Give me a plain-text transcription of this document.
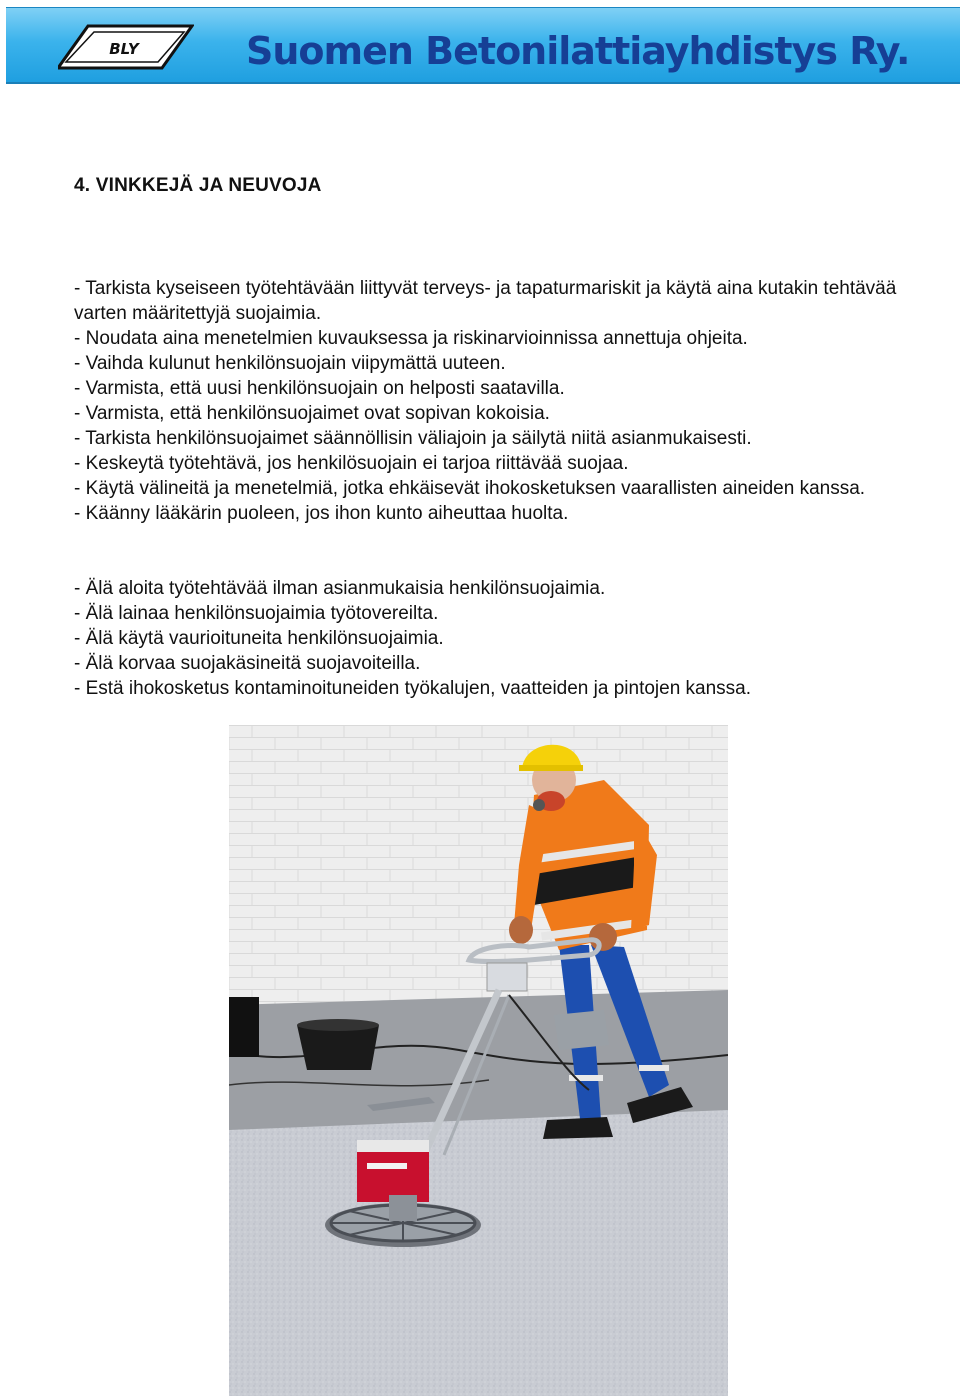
BLY	Suomen Betonilattiayhdistys Ry.
4. VINKKEJÄ JA NEUVOJA
- Tarkista kyseiseen työtehtävään liittyvät terveys- ja tapaturmariskit ja käytä aina kutakin tehtävää varten määritettyjä suojaimia.
- Noudata aina menetelmien kuvauksessa ja riskinarvioinnissa annettuja ohjeita.
- Vaihda kulunut henkilönsuojain viipymättä uuteen.
- Varmista, että uusi henkilönsuojain on helposti saatavilla.
- Varmista, että henkilönsuojaimet ovat sopivan kokoisia.
- Tarkista henkilönsuojaimet säännöllisin väliajoin ja säilytä niitä asianmukaisesti.
- Keskeytä työtehtävä, jos henkilösuojain ei tarjoa riittävää suojaa.
- Käytä välineitä ja menetelmiä, jotka ehkäisevät ihokosketuksen vaarallisten aineiden kanssa.
- Käänny lääkärin puoleen, jos ihon kunto aiheuttaa huolta.
- Älä aloita työtehtävää ilman asianmukaisia henkilönsuojaimia.
- Älä lainaa henkilönsuojaimia työtovereilta.
- Älä käytä vaurioituneita henkilönsuojaimia.
- Älä korvaa suojakäsineitä suojavoiteilla.
- Estä ihokosketus kontaminoituneiden työkalujen, vaatteiden ja pintojen kanssa.
